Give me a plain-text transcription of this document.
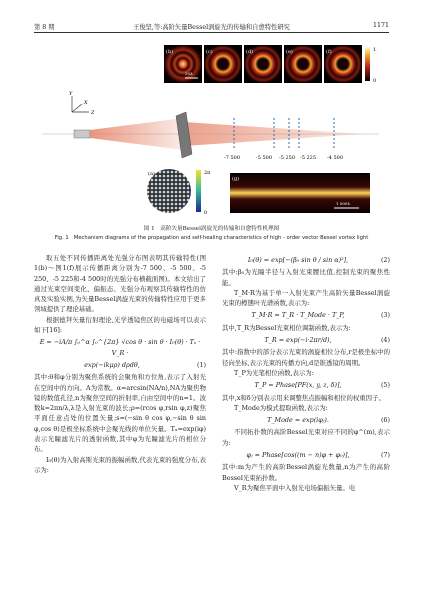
第 8 期	王俊坚,等:高阶矢量Bessel涡旋光的传输和自愈特性研究	1171
(b)
20λ
(c)	(d)	(e)	(f)	1
0
Y
X
Z
-7 500	-5 500 -5 250 -5 225 -4 500
(a)	2π
0
(g)
1 000λ
图 1　高阶矢量Bessel涡旋光的传输和自愈特性机理图
Fig. 1　Mechanism diagrams of the propagation and self-healing characteristics of high - order vector Bessel vortex light

取五处不同传播距离处光强分布图表明其传输特性(图1(b)～图1(f)展示传播距离分别为-7 500、-5 500、-5 250、-5 225和-4 500时的光强分布横截面图)。本文给出了通过光束空间变化、偏振态、光强分布观察其传输特性的仿真及实验实例,为矢量Bessel涡旋光束的传输特性应用于更多领域提供了理论基础。

根据德拜矢量衍射理论,光学透镜焦区的电磁场可以表示如下[16]:

E = −iA/π ∫₀^α ∫₀^{2π} √cos θ · sin θ · I₀(θ) · Tₓ · V_R ·
exp(−ikμρ) dρdθ,	(1)

其中:θ和φ分别为聚焦系统的会聚角和方位角,表示了入射光在空间中的方向。A为常数。α=arcsin(NA/n),NA为聚焦物镜的数值孔径,n为聚焦空间的折射率,自由空间中的n=1。波数k=2πn/λ,λ是入射光束的波长;ρ=(rcos φ,rsin φ,z)聚焦平面任意点处的位置矢量;s=(−sin θ cos φ,−sin θ sin φ,cos θ)是极坐标系统中会聚光线的单位矢量。Tₓ=exp(iφ)表示光瞳滤光片的透射函数,其中φ为光瞳滤光片的相位分布。

I₀(θ)为入射高斯光束的振幅函数,代表光束的强度分布,表示为:

I₀(θ) = exp[−(β₀ sin θ / sin α)²],	(2)

其中:β₀为光瞳半径与入射光束腰比值,控制光束的聚焦性能。

T_M·R为基于单一入射光束产生高阶矢量Bessel涡旋光束的樽態叶光谱函数,表示为:

T_M·R = T_R · T_Mode · T_P,	(3)

其中,T_R为Bessel光束相位调制函数,表示为:

T_R = exp(−i·2πr/d),	(4)

其中:指数中的部分表示光束的涡旋相位分布,r是极坐标中的径向坐标,表示光束的传播方向,d是锥透镜的周期。

T_P为光笔相位函数,表示为:

T_P = Phase[PF(x, y, z, δ)],	(5)

其中,x和δ分别表示用来调整焦点振幅和相位的权重因子。

T_Mode为模式提取函数,表示为:

T_Mode = exp(iφⱼ).	(6)

不同拓扑数的高阶Bessel光束对应不同的φ^(m),表示为:

φⱼ = Phase[cos((m − n)φ + φ₀)],	(7)

其中:m为产生的高阶Bessel涡旋光数量,n为产生的高阶Bessel光束拓扑数。

V_R为聚焦平面中入射光电场偏振矢量。电
